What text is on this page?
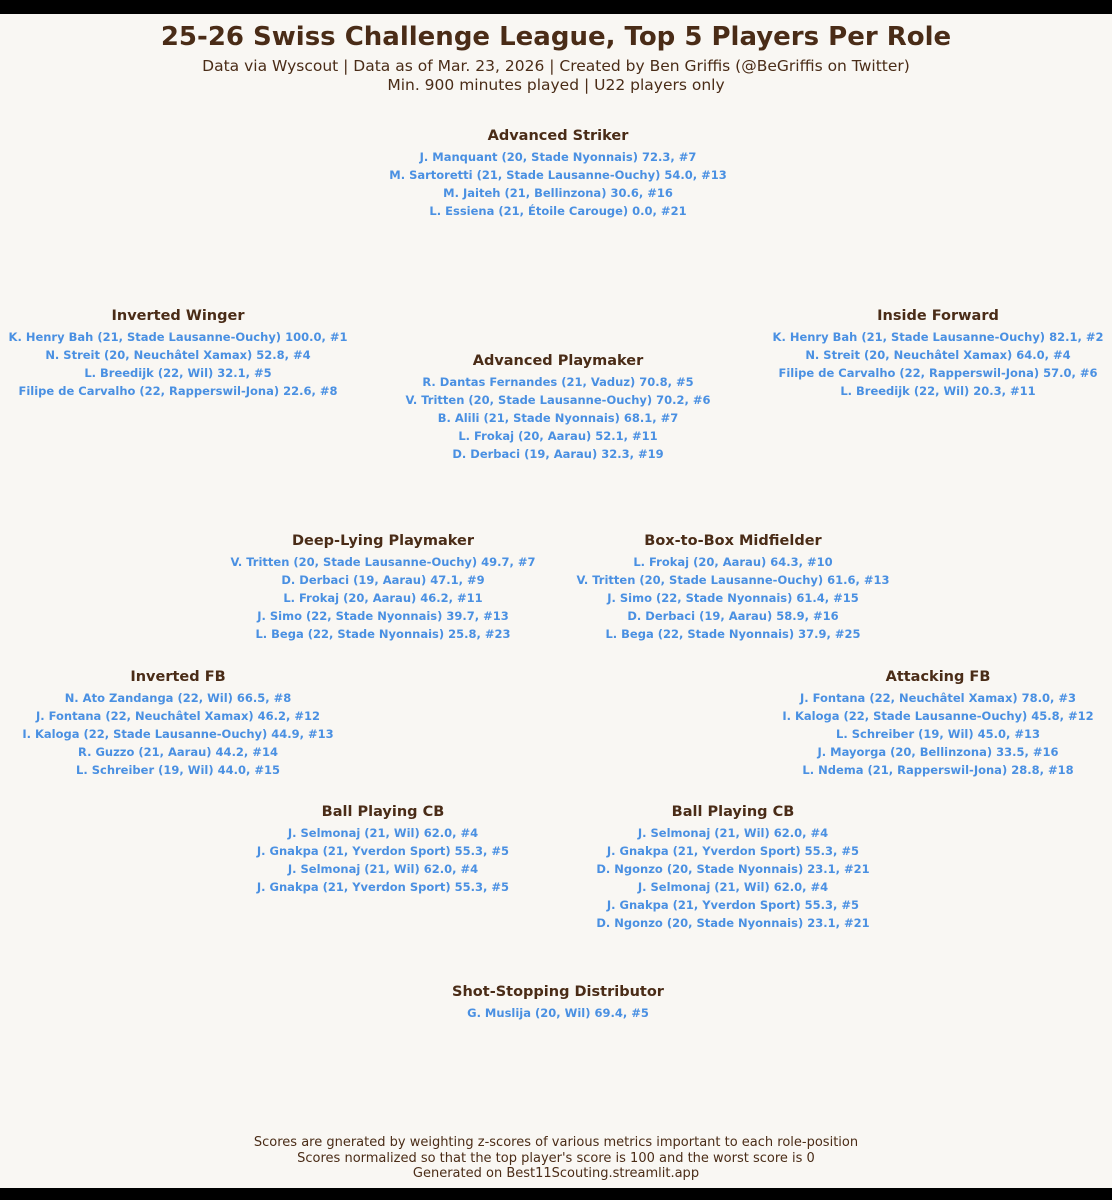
25-26 Swiss Challenge League, Top 5 Players Per Role
Data via Wyscout | Data as of Mar. 23, 2026 | Created by Ben Griffis (@BeGriffis on Twitter)
Min. 900 minutes played | U22 players only
Advanced Striker
J. Manquant (20, Stade Nyonnais) 72.3, #7
M. Sartoretti (21, Stade Lausanne-Ouchy) 54.0, #13
M. Jaiteh (21, Bellinzona) 30.6, #16
L. Essiena (21, Étoile Carouge) 0.0, #21
Inverted Winger
K. Henry Bah (21, Stade Lausanne-Ouchy) 100.0, #1
N. Streit (20, Neuchâtel Xamax) 52.8, #4
L. Breedijk (22, Wil) 32.1, #5
Filipe de Carvalho (22, Rapperswil-Jona) 22.6, #8
Inside Forward
K. Henry Bah (21, Stade Lausanne-Ouchy) 82.1, #2
N. Streit (20, Neuchâtel Xamax) 64.0, #4
Filipe de Carvalho (22, Rapperswil-Jona) 57.0, #6
L. Breedijk (22, Wil) 20.3, #11
Advanced Playmaker
R. Dantas Fernandes (21, Vaduz) 70.8, #5
V. Tritten (20, Stade Lausanne-Ouchy) 70.2, #6
B. Alili (21, Stade Nyonnais) 68.1, #7
L. Frokaj (20, Aarau) 52.1, #11
D. Derbaci (19, Aarau) 32.3, #19
Deep-Lying Playmaker
V. Tritten (20, Stade Lausanne-Ouchy) 49.7, #7
D. Derbaci (19, Aarau) 47.1, #9
L. Frokaj (20, Aarau) 46.2, #11
J. Simo (22, Stade Nyonnais) 39.7, #13
L. Bega (22, Stade Nyonnais) 25.8, #23
Box-to-Box Midfielder
L. Frokaj (20, Aarau) 64.3, #10
V. Tritten (20, Stade Lausanne-Ouchy) 61.6, #13
J. Simo (22, Stade Nyonnais) 61.4, #15
D. Derbaci (19, Aarau) 58.9, #16
L. Bega (22, Stade Nyonnais) 37.9, #25
Inverted FB
N. Ato Zandanga (22, Wil) 66.5, #8
J. Fontana (22, Neuchâtel Xamax) 46.2, #12
I. Kaloga (22, Stade Lausanne-Ouchy) 44.9, #13
R. Guzzo (21, Aarau) 44.2, #14
L. Schreiber (19, Wil) 44.0, #15
Attacking FB
J. Fontana (22, Neuchâtel Xamax) 78.0, #3
I. Kaloga (22, Stade Lausanne-Ouchy) 45.8, #12
L. Schreiber (19, Wil) 45.0, #13
J. Mayorga (20, Bellinzona) 33.5, #16
L. Ndema (21, Rapperswil-Jona) 28.8, #18
Ball Playing CB
J. Selmonaj (21, Wil) 62.0, #4
J. Gnakpa (21, Yverdon Sport) 55.3, #5
J. Selmonaj (21, Wil) 62.0, #4
J. Gnakpa (21, Yverdon Sport) 55.3, #5
Ball Playing CB
J. Selmonaj (21, Wil) 62.0, #4
J. Gnakpa (21, Yverdon Sport) 55.3, #5
D. Ngonzo (20, Stade Nyonnais) 23.1, #21
J. Selmonaj (21, Wil) 62.0, #4
J. Gnakpa (21, Yverdon Sport) 55.3, #5
D. Ngonzo (20, Stade Nyonnais) 23.1, #21
Shot-Stopping Distributor
G. Muslija (20, Wil) 69.4, #5
Scores are gnerated by weighting z-scores of various metrics important to each role-position
Scores normalized so that the top player's score is 100 and the worst score is 0
Generated on Best11Scouting.streamlit.app
